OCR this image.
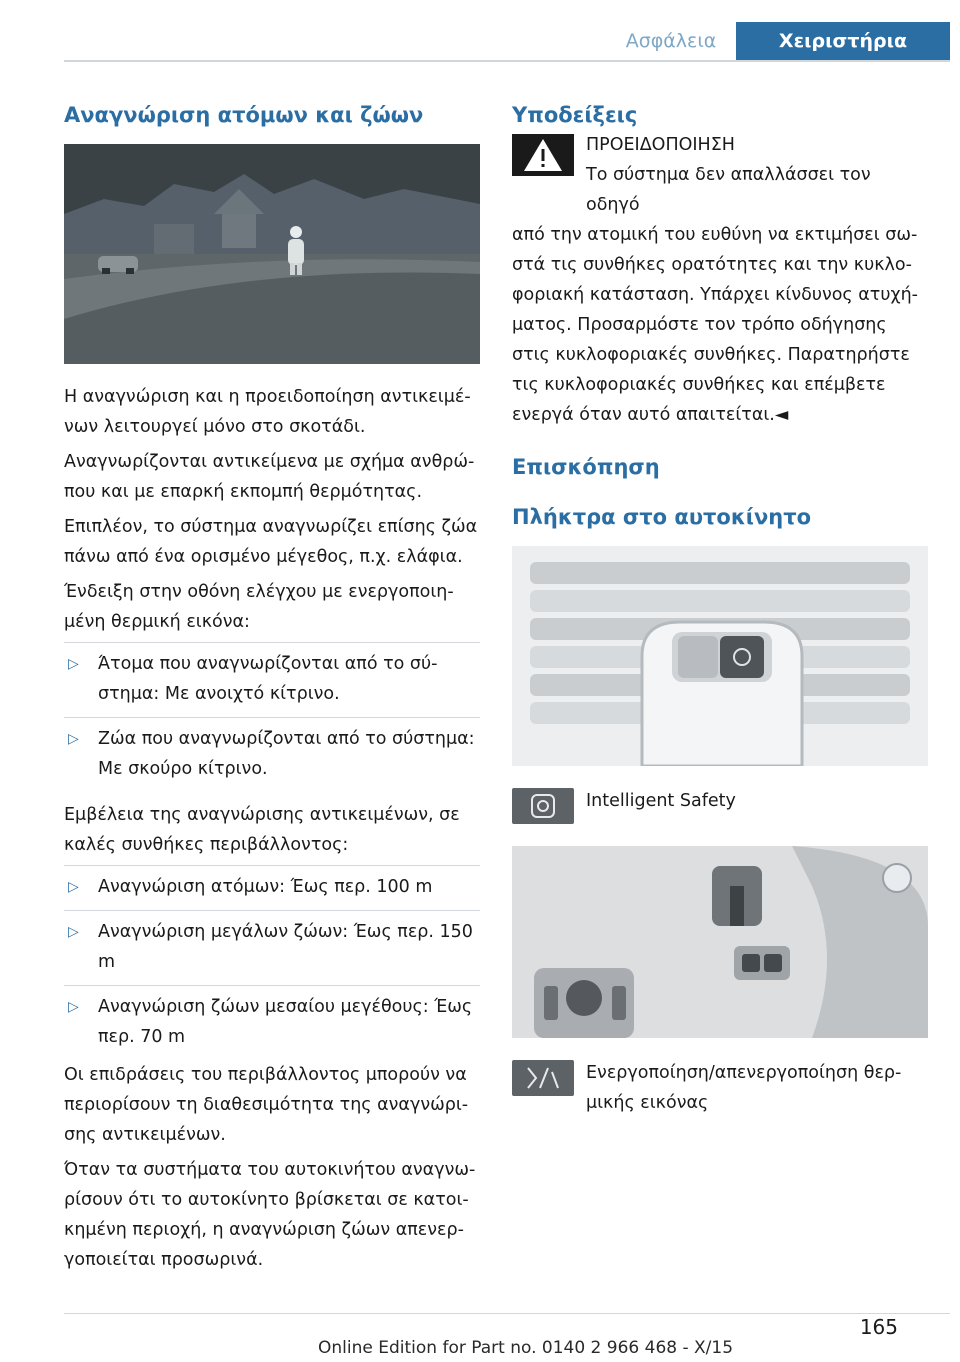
Ασφάλεια	Χειριστήρια
Αναγνώριση ατόμων και ζώων

Η αναγνώριση και η προειδοποίηση αντικειμέ-νων λειτουργεί μόνο στο σκοτάδι.

Αναγνωρίζονται αντικείμενα με σχήμα ανθρώ-που και με επαρκή εκπομπή θερμότητας.

Επιπλέον, το σύστημα αναγνωρίζει επίσης ζώα πάνω από ένα ορισμένο μέγεθος, π.χ. ελάφια.

Ένδειξη στην οθόνη ελέγχου με ενεργοποιη-μένη θερμική εικόνα:

▷ Άτομα που αναγνωρίζονται από το σύ-στημα: Με ανοιχτό κίτρινο.
▷ Ζώα που αναγνωρίζονται από το σύστημα: Με σκούρο κίτρινο.

Εμβέλεια της αναγνώρισης αντικειμένων, σε καλές συνθήκες περιβάλλοντος:

▷ Αναγνώριση ατόμων: Έως περ. 100 m
▷ Αναγνώριση μεγάλων ζώων: Έως περ. 150 m
▷ Αναγνώριση ζώων μεσαίου μεγέθους: Έως περ. 70 m

Οι επιδράσεις του περιβάλλοντος μπορούν να περιορίσουν τη διαθεσιμότητα της αναγνώρι-σης αντικειμένων.

Όταν τα συστήματα του αυτοκινήτου αναγνω-ρίσουν ότι το αυτοκίνητο βρίσκεται σε κατοι-κημένη περιοχή, η αναγνώριση ζώων απενερ-γοποιείται προσωρινά.

Υποδείξεις
ΠΡΟΕΙΔΟΠΟΙΗΣΗ
Το σύστημα δεν απαλλάσσει τον οδηγό

από την ατομική του ευθύνη να εκτιμήσει σω-στά τις συνθήκες ορατότητες και την κυκλο-φοριακή κατάσταση. Υπάρχει κίνδυνος ατυχή-ματος. Προσαρμόστε τον τρόπο οδήγησης στις κυκλοφοριακές συνθήκες. Παρατηρήστε τις κυκλοφοριακές συνθήκες και επέμβετε ενεργά όταν αυτό απαιτείται.◄

Επισκόπηση
Πλήκτρα στο αυτοκίνητο

Intelligent Safety

Ενεργοποίηση/απενεργοποίηση θερ-μικής εικόνας

165
Online Edition for Part no. 0140 2 966 468 - X/15
